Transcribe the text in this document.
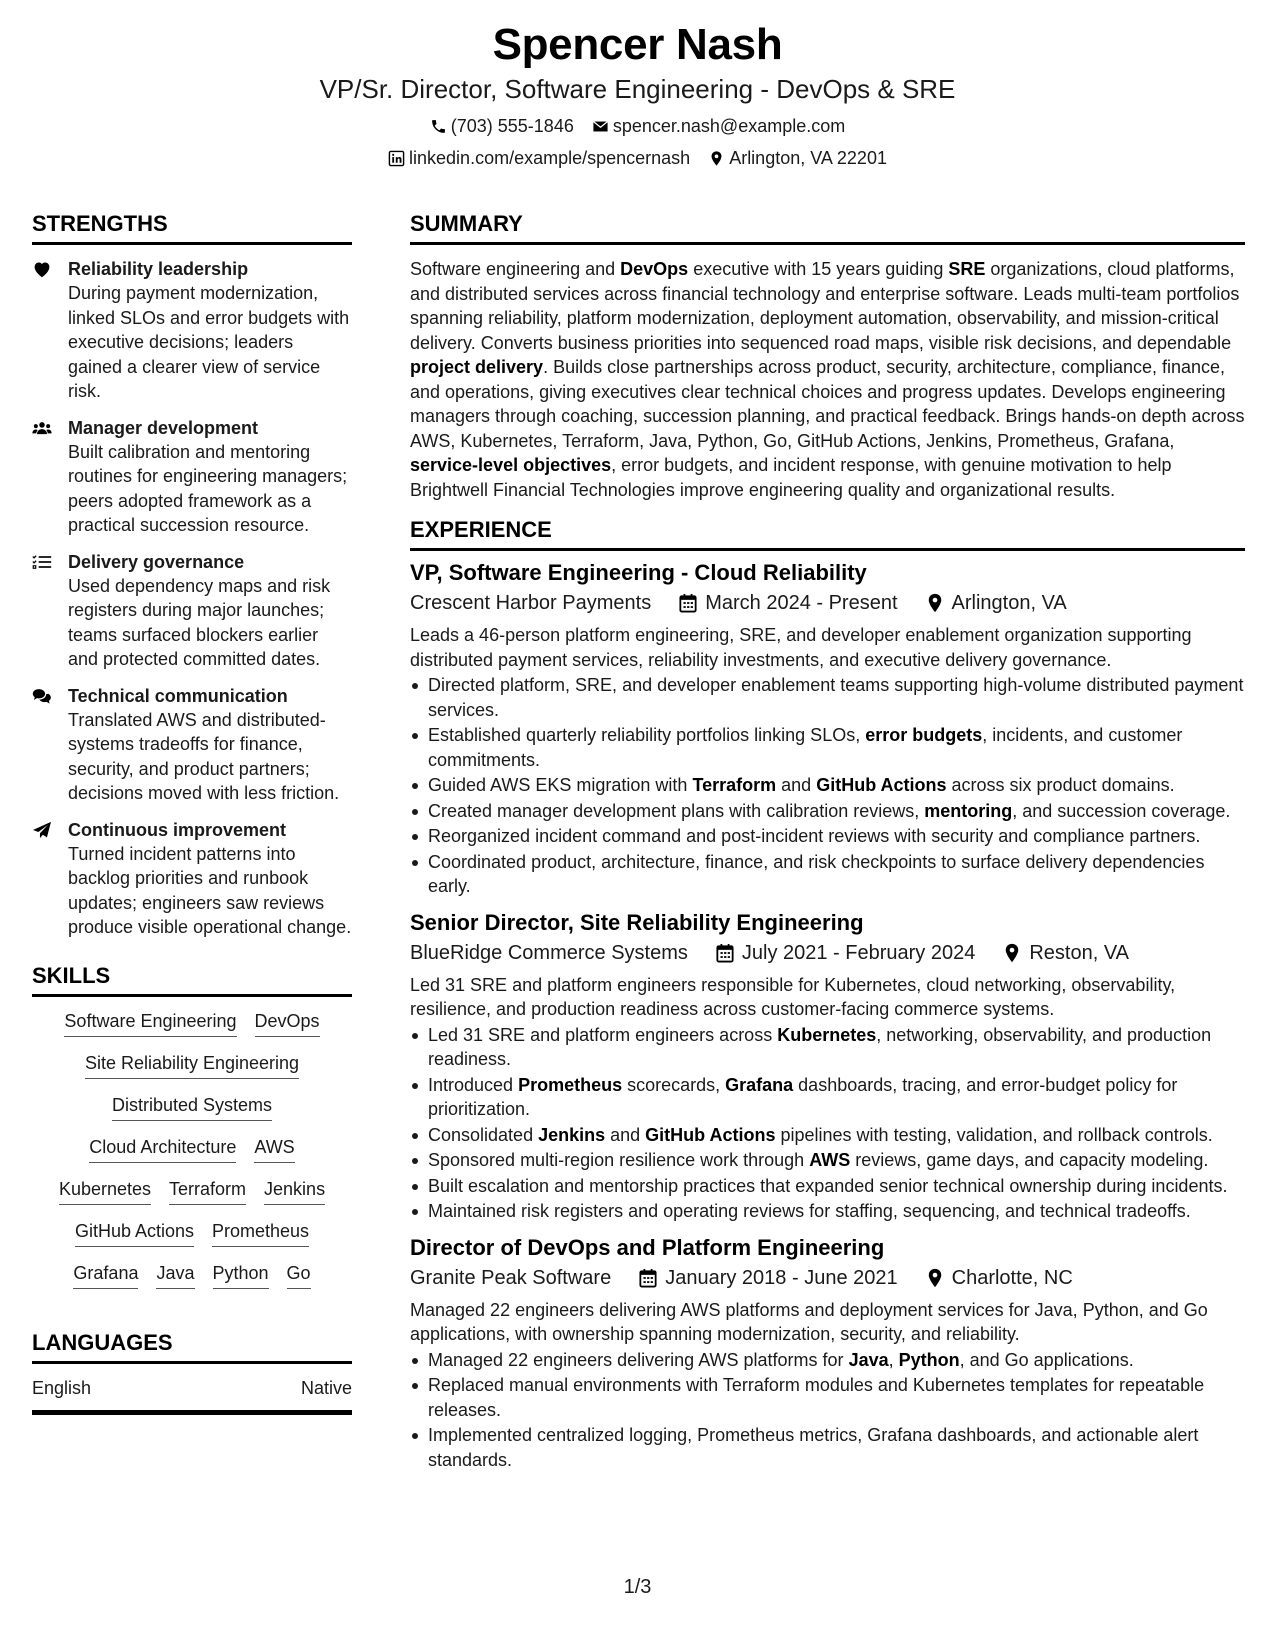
Spencer Nash
VP/Sr. Director, Software Engineering - DevOps & SRE
(703) 555-1846 spencer.nash@example.com
linkedin.com/example/spencernash Arlington, VA 22201
STRENGTHS
Reliability leadership
During payment modernization, linked SLOs and error budgets with executive decisions; leaders gained a clearer view of service risk.
Manager development
Built calibration and mentoring routines for engineering managers; peers adopted framework as a practical succession resource.
Delivery governance
Used dependency maps and risk registers during major launches; teams surfaced blockers earlier and protected committed dates.
Technical communication
Translated AWS and distributed-systems tradeoffs for finance, security, and product partners; decisions moved with less friction.
Continuous improvement
Turned incident patterns into backlog priorities and runbook updates; engineers saw reviews produce visible operational change.
SKILLS
Software Engineering DevOps
Site Reliability Engineering
Distributed Systems
Cloud Architecture AWS
Kubernetes Terraform Jenkins
GitHub Actions Prometheus
Grafana Java Python Go
LANGUAGES
English	Native
SUMMARY
Software engineering and DevOps executive with 15 years guiding SRE organizations, cloud platforms, and distributed services across financial technology and enterprise software. Leads multi-team portfolios spanning reliability, platform modernization, deployment automation, observability, and mission-critical delivery. Converts business priorities into sequenced road maps, visible risk decisions, and dependable project delivery. Builds close partnerships across product, security, architecture, compliance, finance, and operations, giving executives clear technical choices and progress updates. Develops engineering managers through coaching, succession planning, and practical feedback. Brings hands-on depth across AWS, Kubernetes, Terraform, Java, Python, Go, GitHub Actions, Jenkins, Prometheus, Grafana, service-level objectives, error budgets, and incident response, with genuine motivation to help Brightwell Financial Technologies improve engineering quality and organizational results.
EXPERIENCE
VP, Software Engineering - Cloud Reliability
Crescent Harbor Payments	March 2024 - Present	Arlington, VA
Leads a 46-person platform engineering, SRE, and developer enablement organization supporting distributed payment services, reliability investments, and executive delivery governance.
Directed platform, SRE, and developer enablement teams supporting high-volume distributed payment services.
Established quarterly reliability portfolios linking SLOs, error budgets, incidents, and customer commitments.
Guided AWS EKS migration with Terraform and GitHub Actions across six product domains.
Created manager development plans with calibration reviews, mentoring, and succession coverage.
Reorganized incident command and post-incident reviews with security and compliance partners.
Coordinated product, architecture, finance, and risk checkpoints to surface delivery dependencies early.
Senior Director, Site Reliability Engineering
BlueRidge Commerce Systems	July 2021 - February 2024	Reston, VA
Led 31 SRE and platform engineers responsible for Kubernetes, cloud networking, observability, resilience, and production readiness across customer-facing commerce systems.
Led 31 SRE and platform engineers across Kubernetes, networking, observability, and production readiness.
Introduced Prometheus scorecards, Grafana dashboards, tracing, and error-budget policy for prioritization.
Consolidated Jenkins and GitHub Actions pipelines with testing, validation, and rollback controls.
Sponsored multi-region resilience work through AWS reviews, game days, and capacity modeling.
Built escalation and mentorship practices that expanded senior technical ownership during incidents.
Maintained risk registers and operating reviews for staffing, sequencing, and technical tradeoffs.
Director of DevOps and Platform Engineering
Granite Peak Software	January 2018 - June 2021	Charlotte, NC
Managed 22 engineers delivering AWS platforms and deployment services for Java, Python, and Go applications, with ownership spanning modernization, security, and reliability.
Managed 22 engineers delivering AWS platforms for Java, Python, and Go applications.
Replaced manual environments with Terraform modules and Kubernetes templates for repeatable releases.
Implemented centralized logging, Prometheus metrics, Grafana dashboards, and actionable alert standards.
1/3
